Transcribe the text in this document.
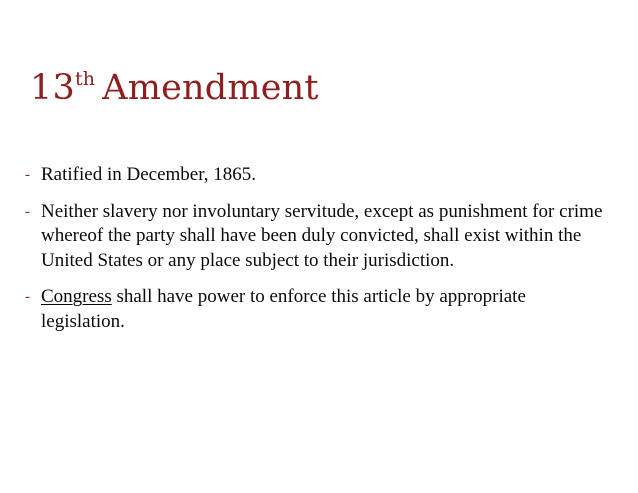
13th Amendment
- Ratified in December, 1865.
- Neither slavery nor involuntary servitude, except as punishment for crime whereof the party shall have been duly convicted, shall exist within the United States or any place subject to their jurisdiction.
- Congress shall have power to enforce this article by appropriate legislation.
